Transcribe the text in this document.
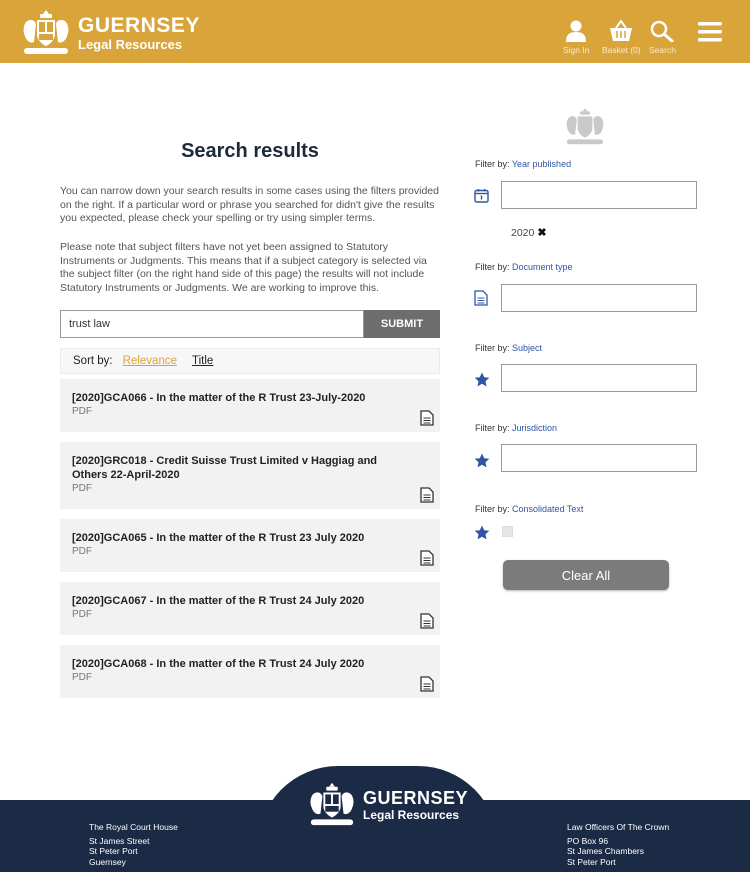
GUERNSEY
Legal Resources	Sign In Basket (0) Search
Search results

You can narrow down your search results in some cases using the filters provided on the right. If a particular word or phrase you searched for didn't give the results you expected, please check your spelling or try using simpler terms.

Please note that subject filters have not yet been assigned to Statutory Instruments or Judgments. This means that if a subject category is selected via the subject filter (on the right hand side of this page) the results will not include Statutory Instruments or Judgments. We are working to improve this.

trust law
SUBMIT
Sort by: Relevance Title
[2020]GCA066 - In the matter of the R Trust 23-July-2020
PDF
[2020]GRC018 - Credit Suisse Trust Limited v Haggiag and Others 22-April-2020
PDF
[2020]GCA065 - In the matter of the R Trust 23 July 2020
PDF
[2020]GCA067 - In the matter of the R Trust 24 July 2020
PDF
[2020]GCA068 - In the matter of the R Trust 24 July 2020
PDF
Filter by: Year published
2020 ✖
Filter by: Document type
Filter by: Subject
Filter by: Jurisdiction
Filter by: Consolidated Text
Clear All
GUERNSEY
Legal Resources
The Royal Court House
St James Street
St Peter Port
Guernsey
Law Officers Of The Crown
PO Box 96
St James Chambers
St Peter Port
